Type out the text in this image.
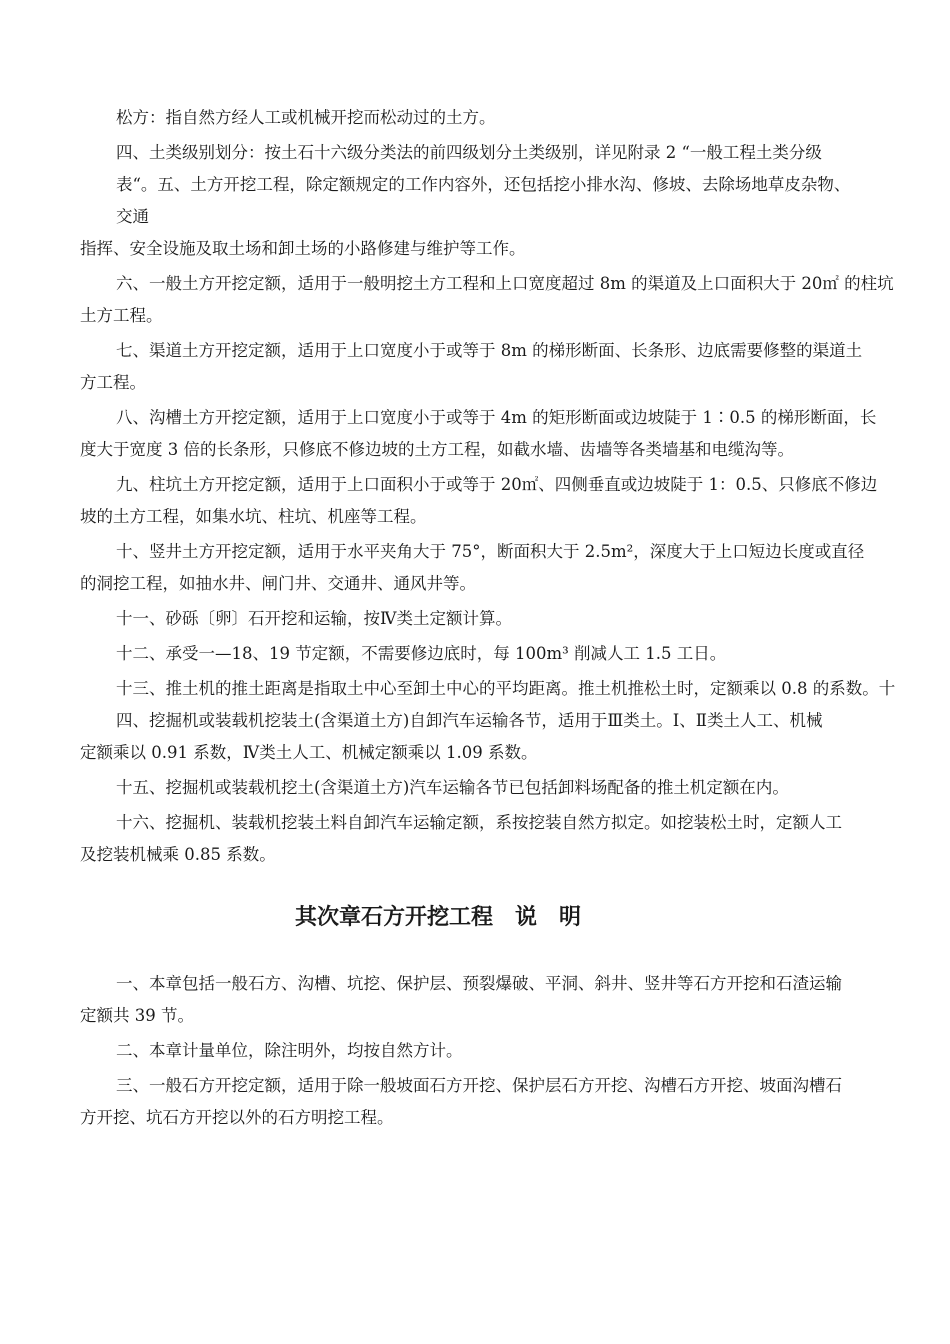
松方：指自然方经人工或机械开挖而松动过的土方。
四、土类级别划分：按土石十六级分类法的前四级划分土类级别，详见附录 2 “一般工程土类分级
表“。五、土方开挖工程，除定额规定的工作内容外，还包括挖小排水沟、修坡、去除场地草皮杂物、
交通
指挥、安全设施及取土场和卸土场的小路修建与维护等工作。
六、一般土方开挖定额，适用于一般明挖土方工程和上口宽度超过 8m 的渠道及上口面积大于 20㎡ 的柱坑
土方工程。
七、渠道土方开挖定额，适用于上口宽度小于或等于 8m 的梯形断面、长条形、边底需要修整的渠道土
方工程。
八、沟槽土方开挖定额，适用于上口宽度小于或等于 4m 的矩形断面或边坡陡于 1∶0.5 的梯形断面，长
度大于宽度 3 倍的长条形，只修底不修边坡的土方工程，如截水墙、齿墙等各类墙基和电缆沟等。
九、柱坑土方开挖定额，适用于上口面积小于或等于 20㎡、四侧垂直或边坡陡于 1：0.5、只修底不修边
坡的土方工程，如集水坑、柱坑、机座等工程。
十、竖井土方开挖定额，适用于水平夹角大于 75°，断面积大于 2.5m²，深度大于上口短边长度或直径
的洞挖工程，如抽水井、闸门井、交通井、通风井等。
十一、砂砾〔卵〕石开挖和运输，按Ⅳ类土定额计算。
十二、承受一—18、19 节定额，不需要修边底时，每 100m³ 削减人工 1.5 工日。
十三、推土机的推土距离是指取土中心至卸土中心的平均距离。推土机推松土时，定额乘以 0.8 的系数。十
四、挖掘机或装载机挖装土(含渠道土方)自卸汽车运输各节，适用于Ⅲ类土。Ⅰ、Ⅱ类土人工、机械
定额乘以 0.91 系数，Ⅳ类土人工、机械定额乘以 1.09 系数。
十五、挖掘机或装载机挖土(含渠道土方)汽车运输各节已包括卸料场配备的推土机定额在内。
十六、挖掘机、装载机挖装土料自卸汽车运输定额，系按挖装自然方拟定。如挖装松土时，定额人工
及挖装机械乘 0.85 系数。
其次章石方开挖工程　说　明
一、本章包括一般石方、沟槽、坑挖、保护层、预裂爆破、平洞、斜井、竖井等石方开挖和石渣运输
定额共 39 节。
二、本章计量单位，除注明外，均按自然方计。
三、一般石方开挖定额，适用于除一般坡面石方开挖、保护层石方开挖、沟槽石方开挖、坡面沟槽石
方开挖、坑石方开挖以外的石方明挖工程。
